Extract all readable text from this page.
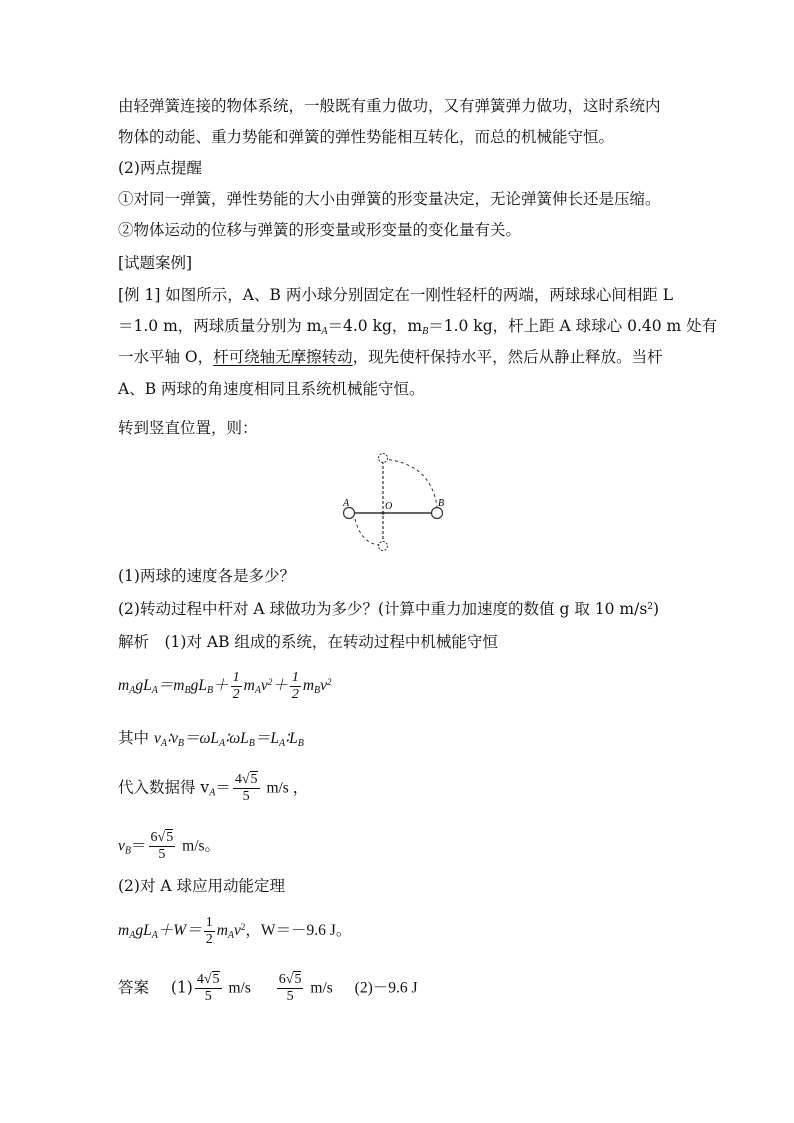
由轻弹簧连接的物体系统，一般既有重力做功，又有弹簧弹力做功，这时系统内
物体的动能、重力势能和弹簧的弹性势能相互转化，而总的机械能守恒。
(2)两点提醒
①对同一弹簧，弹性势能的大小由弹簧的形变量决定，无论弹簧伸长还是压缩。
②物体运动的位移与弹簧的形变量或形变量的变化量有关。
[试题案例]
[例 1] 如图所示，A、B 两小球分别固定在一刚性轻杆的两端，两球球心间相距 L
＝1.0 m，两球质量分别为 $m_A=4.0$ kg，$m_B=1.0$ kg，杆上距 A 球球心 0.40 m 处有
一水平轴 O，杆可绕轴无摩擦转动，现先使杆保持水平，然后从静止释放。当杆
A、B 两球的角速度相同且系统机械能守恒。
转到竖直位置，则：
A	O	B
(1)两球的速度各是多少？
(2)转动过程中杆对 A 球做功为多少？(计算中重力加速度的数值 g 取 10 $m/s^2$)
解析　(1)对 AB 组成的系统，在转动过程中机械能守恒
$m_AgL_A=m_BgL_B+ \frac{1}{2} m_Av^2+ \frac{1}{2} m_Bv^2$
其中 $v_A∶v_B=\omega L_A∶\omega L_B=L_A∶L_B$
代入数据得 $v_A= \frac{4√5}{5} m/s$ ，
$v_B= \frac{6√5}{5} m/s$。
(2)对 A 球应用动能定理
$m_AgL_A+W= \frac{1}{2} m_Av^2$，W＝－9.6 J。
答案 $(1) \frac{4√5}{5} m/s \frac{6√5}{5} m/s$ (2)－9.6 J
